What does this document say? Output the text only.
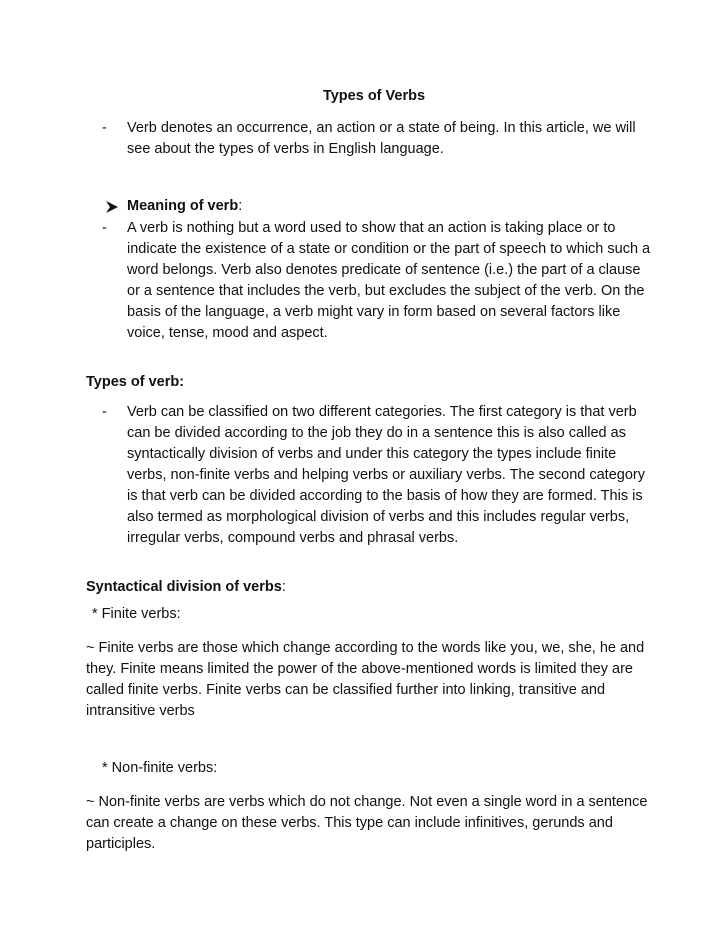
Types of Verbs
-	Verb denotes an occurrence, an action or a state of being. In this article, we will see about the types of verbs in English language.
Meaning of verb:
-	A verb is nothing but a word used to show that an action is taking place or to indicate the existence of a state or condition or the part of speech to which such a word belongs. Verb also denotes predicate of sentence (i.e.) the part of a clause or a sentence that includes the verb, but excludes the subject of the verb. On the basis of the language, a verb might vary in form based on several factors like voice, tense, mood and aspect.
Types of verb:
-	Verb can be classified on two different categories. The first category is that verb can be divided according to the job they do in a sentence this is also called as syntactically division of verbs and under this category the types include finite verbs, non-finite verbs and helping verbs or auxiliary verbs. The second category is that verb can be divided according to the basis of how they are formed. This is also termed as morphological division of verbs and this includes regular verbs, irregular verbs, compound verbs and phrasal verbs.
Syntactical division of verbs:
* Finite verbs:
~ Finite verbs are those which change according to the words like you, we, she, he and they. Finite means limited the power of the above-mentioned words is limited they are called finite verbs. Finite verbs can be classified further into linking, transitive and intransitive verbs
* Non-finite verbs:
~ Non-finite verbs are verbs which do not change. Not even a single word in a sentence can create a change on these verbs. This type can include infinitives, gerunds and participles.
